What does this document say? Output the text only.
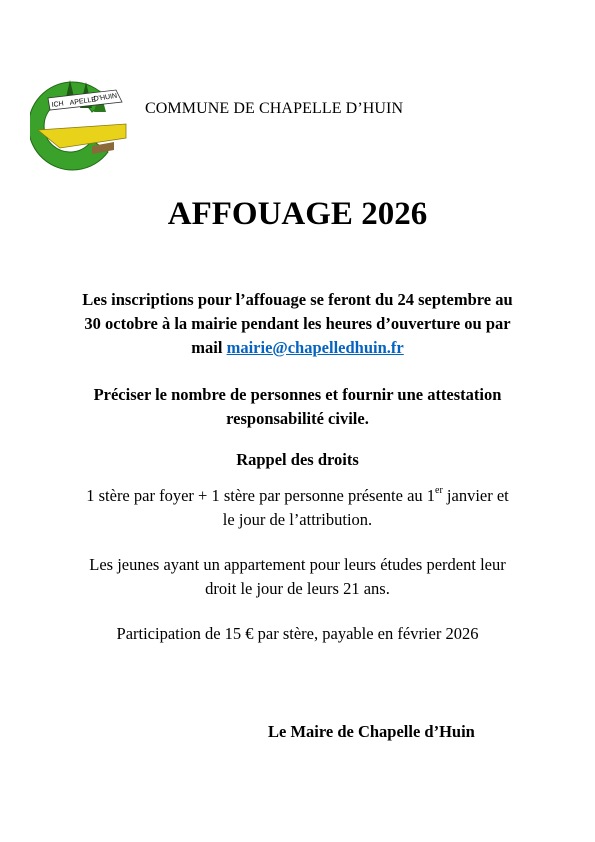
ICH APELLE
D'HUIN
COMMUNE DE CHAPELLE D’HUIN
AFFOUAGE 2026
Les inscriptions pour l’affouage se feront du 24 septembre au
30 octobre à la mairie pendant les heures d’ouverture ou par
mail mairie@chapelledhuin.fr
Préciser le nombre de personnes et fournir une attestation
responsabilité civile.
Rappel des droits
1 stère par foyer + 1 stère par personne présente au 1er janvier et
le jour de l’attribution.
Les jeunes ayant un appartement pour leurs études perdent leur
droit le jour de leurs 21 ans.
Participation de 15 € par stère, payable en février 2026
Le Maire de Chapelle d’Huin
